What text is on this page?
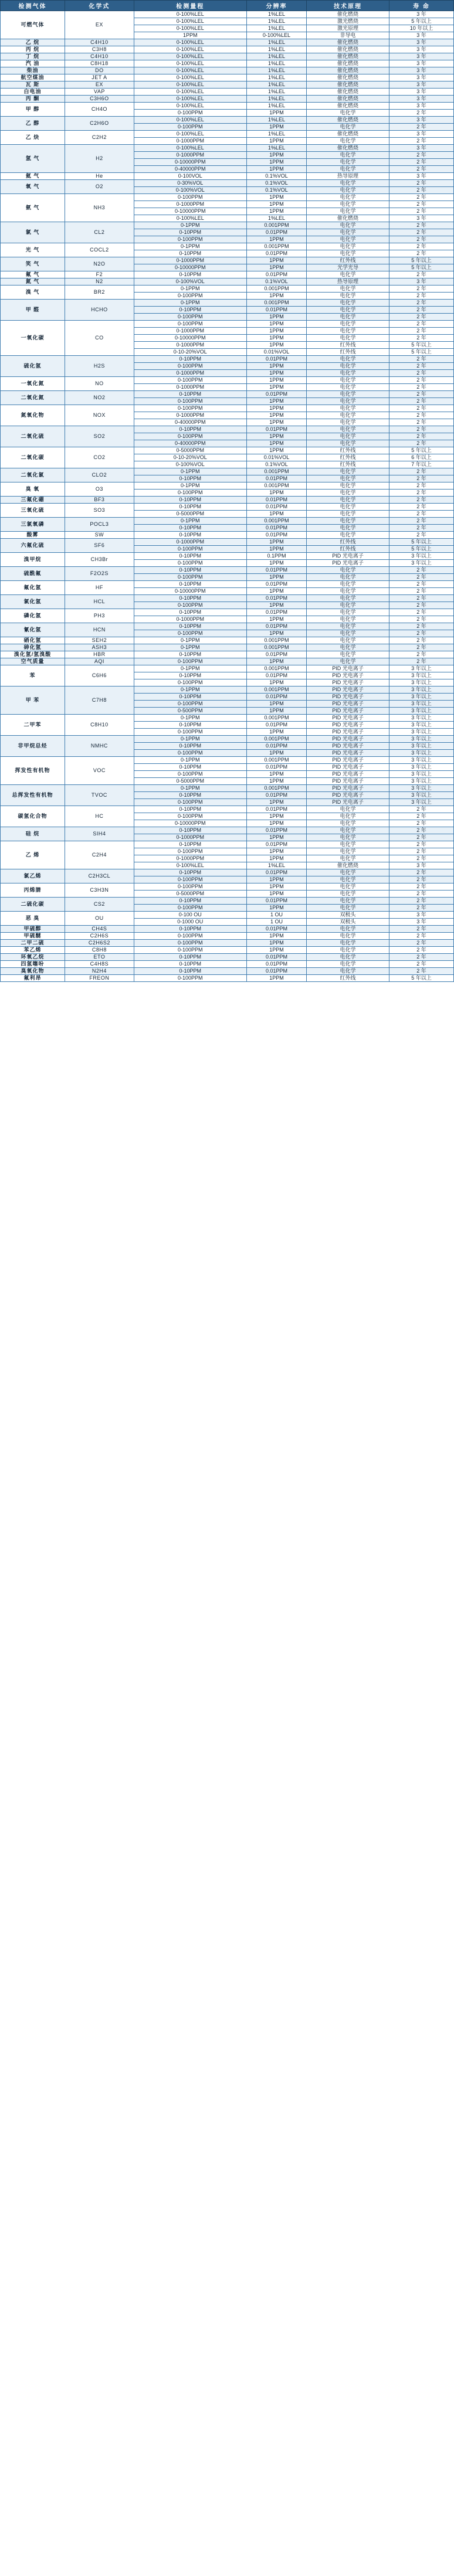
检测气体	化学式	检测量程	分辨率	技术原理	寿 命
可燃气体	EX	0-100%LEL	1%LEL	催化燃烧	3 年
		0-100%LEL	1%LEL	激光燃烧	5 年以上
		0-100%LEL	1%LEL	激光原理	10 年以上
		1PPM	0-100%LEL	非导电	3 年
乙 烷	C4H10	0-100%LEL	1%LEL	催化燃烧	3 年
丙 烷	C3H8	0-100%LEL	1%LEL	催化燃烧	3 年
丁 烷	C4H10	0-100%LEL	1%LEL	催化燃烧	3 年
汽 油	C8H18	0-100%LEL	1%LEL	催化燃烧	3 年
柴油	DO	0-100%LEL	1%LEL	催化燃烧	3 年
航空煤油	JET A	0-100%LEL	1%LEL	催化燃烧	3 年
瓦 斯	EX	0-100%LEL	1%LEL	催化燃烧	3 年
白电油	VAP	0-100%LEL	1%LEL	催化燃烧	3 年
丙 酮	C3H6O	0-100%LEL	1%LEL	催化燃烧	3 年
甲 醇	CH4O	0-100%LEL	1%LEL	催化燃烧	3 年
		0-100PPM	1PPM	电化学	2 年
乙 醇	C2H6O	0-100%LEL	1%LEL	催化燃烧	3 年
		0-100PPM	1PPM	电化学	2 年
乙 炔	C2H2	0-100%LEL	1%LEL	催化燃烧	3 年
		0-1000PPM	1PPM	电化学	2 年
氢 气	H2	0-100%LEL	1%LEL	催化燃烧	3 年
		0-1000PPM	1PPM	电化学	2 年
		0-10000PPM	1PPM	电化学	2 年
		0-40000PPM	1PPM	电化学	2 年
氦 气	He	0-100VOL	0.1%VOL	热导原理	3 年
氧 气	O2	0-30%VOL	0.1%VOL	电化学	2 年
		0-100%VOL	0.1%VOL	电化学	2 年
氨 气	NH3	0-100PPM	1PPM	电化学	2 年
		0-1000PPM	1PPM	电化学	2 年
		0-10000PPM	1PPM	电化学	2 年
		0-100%LEL	1%LEL	催化燃烧	3 年
氯 气	CL2	0-1PPM	0.001PPM	电化学	2 年
		0-10PPM	0.01PPM	电化学	2 年
		0-100PPM	1PPM	电化学	2 年
光 气	COCL2	0-1PPM	0.001PPM	电化学	2 年
		0-10PPM	0.01PPM	电化学	2 年
笑 气	N2O	0-1000PPM	1PPM	红外线	5 年以上
		0-10000PPM	1PPM	光学光导	5 年以上
氟 气	F2	0-10PPM	0.01PPM	电化学	2 年
氮 气	N2	0-100%VOL	0.1%VOL	热导原理	3 年
溴 气	BR2	0-1PPM	0.001PPM	电化学	2 年
		0-100PPM	1PPM	电化学	2 年
甲 醛	HCHO	0-1PPM	0.001PPM	电化学	2 年
		0-10PPM	0.01PPM	电化学	2 年
		0-100PPM	1PPM	电化学	2 年
一氧化碳	CO	0-100PPM	1PPM	电化学	2 年
		0-1000PPM	1PPM	电化学	2 年
		0-10000PPM	1PPM	电化学	2 年
		0-1000PPM	1PPM	红外线	5 年以上
		0-10-20%VOL	0.01%VOL	红外线	5 年以上
硫化氢	H2S	0-10PPM	0.01PPM	电化学	2 年
		0-100PPM	1PPM	电化学	2 年
		0-1000PPM	1PPM	电化学	2 年
一氧化氮	NO	0-100PPM	1PPM	电化学	2 年
		0-1000PPM	1PPM	电化学	2 年
二氧化氮	NO2	0-10PPM	0.01PPM	电化学	2 年
		0-100PPM	1PPM	电化学	2 年
氮氧化物	NOX	0-100PPM	1PPM	电化学	2 年
		0-1000PPM	1PPM	电化学	2 年
		0-40000PPM	1PPM	电化学	2 年
二氧化硫	SO2	0-10PPM	0.01PPM	电化学	2 年
		0-100PPM	1PPM	电化学	2 年
		0-40000PPM	1PPM	电化学	2 年
二氧化碳	CO2	0-5000PPM	1PPM	红外线	5 年以上
		0-10-20%VOL	0.01%VOL	红外线	6 年以上
		0-100%VOL	0.1%VOL	红外线	7 年以上
二氧化氯	CLO2	0-1PPM	0.001PPM	电化学	2 年
		0-10PPM	0.01PPM	电化学	2 年
臭 氧	O3	0-1PPM	0.001PPM	电化学	2 年
		0-100PPM	1PPM	电化学	2 年
三氟化硼	BF3	0-10PPM	0.01PPM	电化学	2 年
三氧化硫	SO3	0-10PPM	0.01PPM	电化学	2 年
		0-5000PPM	1PPM	电化学	2 年
三氯氧磷	POCL3	0-1PPM	0.001PPM	电化学	2 年
		0-10PPM	0.01PPM	电化学	2 年
酸雾	SW	0-10PPM	0.01PPM	电化学	2 年
六氟化硫	SF6	0-1000PPM	1PPM	红外线	5 年以上
		0-100PPM	1PPM	红外线	5 年以上
溴甲烷	CH3Br	0-10PPM	0.1PPM	PID 光电离子	3 年以上
		0-100PPM	1PPM	PID 光电离子	3 年以上
硫酰氟	F2O2S	0-10PPM	0.01PPM	电化学	2 年
		0-100PPM	1PPM	电化学	2 年
氟化氢	HF	0-10PPM	0.01PPM	电化学	2 年
		0-10000PPM	1PPM	电化学	2 年
氯化氢	HCL	0-10PPM	0.01PPM	电化学	2 年
		0-100PPM	1PPM	电化学	2 年
磷化氢	PH3	0-10PPM	0.01PPM	电化学	2 年
		0-1000PPM	1PPM	电化学	2 年
氰化氢	HCN	0-10PPM	0.01PPM	电化学	2 年
		0-100PPM	1PPM	电化学	2 年
硒化氢	SEH2	0-1PPM	0.001PPM	电化学	2 年
砷化氢	ASH3	0-1PPM	0.001PPM	电化学	2 年
溴化氢/氢溴酸	HBR	0-10PPM	0.01PPM	电化学	2 年
空气质量	AQI	0-100PPM	1PPM	电化学	2 年
苯	C6H6	0-1PPM	0.001PPM	PID 光电离子	3 年以上
		0-10PPM	0.01PPM	PID 光电离子	3 年以上
		0-100PPM	1PPM	PID 光电离子	3 年以上
甲 苯	C7H8	0-1PPM	0.001PPM	PID 光电离子	3 年以上
		0-10PPM	0.01PPM	PID 光电离子	3 年以上
		0-100PPM	1PPM	PID 光电离子	3 年以上
		0-500PPM	1PPM	PID 光电离子	3 年以上
二甲苯	C8H10	0-1PPM	0.001PPM	PID 光电离子	3 年以上
		0-10PPM	0.01PPM	PID 光电离子	3 年以上
		0-100PPM	1PPM	PID 光电离子	3 年以上
非甲烷总烃	NMHC	0-1PPM	0.001PPM	PID 光电离子	3 年以上
		0-10PPM	0.01PPM	PID 光电离子	3 年以上
		0-100PPM	1PPM	PID 光电离子	3 年以上
挥发性有机物	VOC	0-1PPM	0.001PPM	PID 光电离子	3 年以上
		0-10PPM	0.01PPM	PID 光电离子	3 年以上
		0-100PPM	1PPM	PID 光电离子	3 年以上
		0-5000PPM	1PPM	PID 光电离子	3 年以上
总挥发性有机物	TVOC	0-1PPM	0.001PPM	PID 光电离子	3 年以上
		0-10PPM	0.01PPM	PID 光电离子	3 年以上
		0-100PPM	1PPM	PID 光电离子	3 年以上
碳氢化合物	HC	0-10PPM	0.01PPM	电化学	2 年
		0-100PPM	1PPM	电化学	2 年
		0-10000PPM	1PPM	电化学	2 年
硅 烷	SIH4	0-10PPM	0.01PPM	电化学	2 年
		0-1000PPM	1PPM	电化学	2 年
乙 烯	C2H4	0-10PPM	0.01PPM	电化学	2 年
		0-100PPM	1PPM	电化学	2 年
		0-1000PPM	1PPM	电化学	2 年
		0-100%LEL	1%LEL	催化燃烧	3 年
氯乙烯	C2H3CL	0-10PPM	0.01PPM	电化学	2 年
		0-100PPM	1PPM	电化学	2 年
丙烯腈	C3H3N	0-100PPM	1PPM	电化学	2 年
		0-5000PPM	1PPM	电化学	2 年
二硫化碳	CS2	0-10PPM	0.01PPM	电化学	2 年
		0-100PPM	1PPM	电化学	2 年
恶 臭	OU	0-100 OU	1 OU	双极头	3 年
		0-1000 OU	1 OU	双极头	3 年
甲硫醇	CH4S	0-10PPM	0.01PPM	电化学	2 年
甲硫醚	C2H6S	0-100PPM	1PPM	电化学	2 年
二甲二硫	C2H6S2	0-100PPM	1PPM	电化学	2 年
苯乙烯	C8H8	0-100PPM	1PPM	电化学	2 年
环氧乙烷	ETO	0-10PPM	0.01PPM	电化学	2 年
四氢噻吩	C4H8S	0-10PPM	0.01PPM	电化学	2 年
臭氧化物	N2H4	0-10PPM	0.01PPM	电化学	2 年
氟利昂	FREON	0-100PPM	1PPM	红外线	5 年以上
